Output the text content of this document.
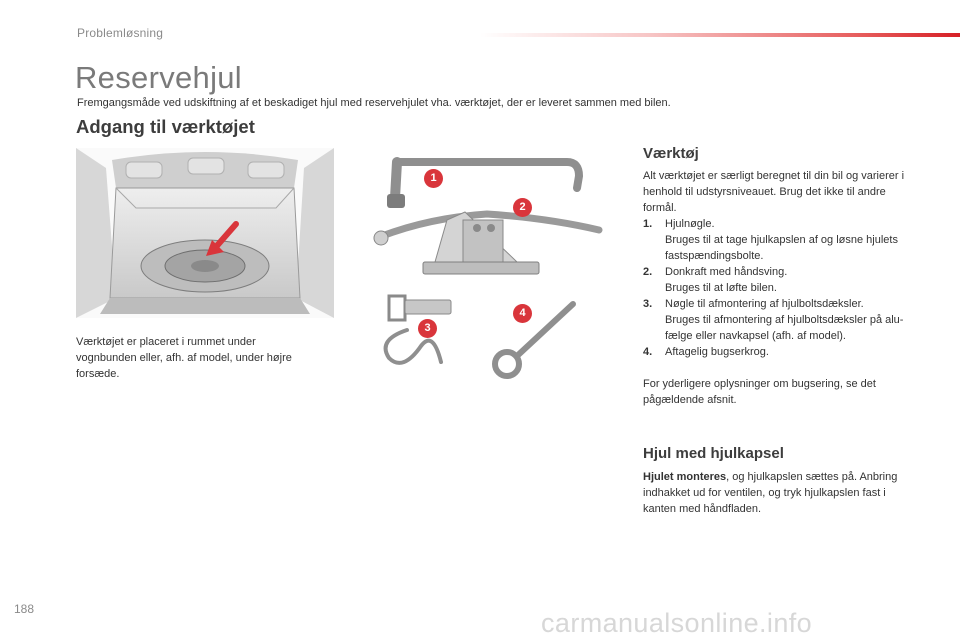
Problemløsning
Reservehjul
Fremgangsmåde ved udskiftning af et beskadiget hjul med reservehjulet vha. værktøjet, der er leveret sammen med bilen.
Adgang til værktøjet
1
2
3
4
Værktøjet er placeret i rummet under vognbunden eller, afh. af model, under højre forsæde.
Værktøj
Alt værktøjet er særligt beregnet til din bil og varierer i henhold til udstyrsniveauet. Brug det ikke til andre formål.
1.	Hjulnøgle.
Bruges til at tage hjulkapslen af og løsne hjulets fastspændingsbolte.
2.	Donkraft med håndsving.
Bruges til at løfte bilen.
3.	Nøgle til afmontering af hjulboltsdæksler.
Bruges til afmontering af hjulboltsdæksler på alu-fælge eller navkapsel (afh. af model).
4.	Aftagelig bugserkrog.
For yderligere oplysninger om bugsering, se det pågældende afsnit.
Hjul med hjulkapsel
Hjulet monteres, og hjulkapslen sættes på. Anbring indhakket ud for ventilen, og tryk hjulkapslen fast i kanten med håndfladen.
188	carmanualsonline.info
